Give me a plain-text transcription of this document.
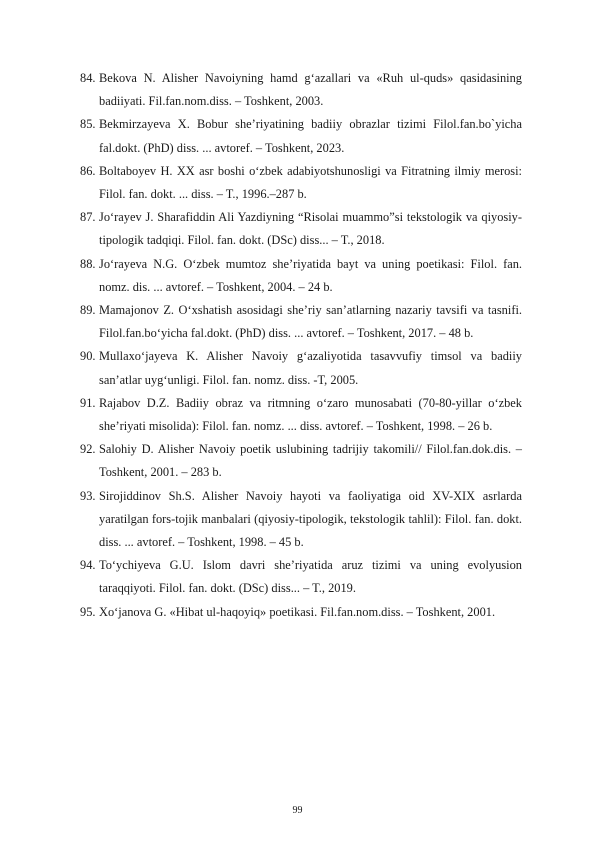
84. Bekova N. Alisher Navoiyning hamd g‘azallari va «Ruh ul-quds» qasidasining badiiyati. Fil.fan.nom.diss. – Toshkent, 2003.
85. Bekmirzayeva X. Bobur she’riyatining badiiy obrazlar tizimi Filol.fan.bo`yicha fal.dokt. (PhD) diss. ... avtoref. – Toshkent, 2023.
86. Boltaboyev H. XX asr boshi o‘zbek adabiyotshunosligi va Fitratning ilmiy merosi: Filol. fan. dokt. ... diss. – T., 1996.–287 b.
87. Jo‘rayev J. Sharafiddin Ali Yazdiyning “Risolai muammo”si tekstologik va qiyosiy-tipologik tadqiqi. Filol. fan. dokt. (DSc) diss... – T., 2018.
88. Jo‘rayeva N.G. O‘zbek mumtoz she’riyatida bayt va uning poetikasi: Filol. fan. nomz. dis. ... avtoref. – Toshkent, 2004. – 24 b.
89. Mamajonov Z. O‘xshatish asosidagi she’riy san’atlarning nazariy tavsifi va tasnifi. Filol.fan.bo‘yicha fal.dokt. (PhD) diss. ... avtoref. – Toshkent, 2017. – 48 b.
90. Mullaxo‘jayeva K. Alisher Navoiy g‘azaliyotida tasavvufiy timsol va badiiy san’atlar uyg‘unligi. Filol. fan. nomz. diss. -T, 2005.
91. Rajabov D.Z. Badiiy obraz va ritmning o‘zaro munosabati (70-80-yillar o‘zbek she’riyati misolida): Filol. fan. nomz. ... diss. avtoref. – Toshkent, 1998. – 26 b.
92. Salohiy D. Alisher Navoiy poetik uslubining tadrijiy takomili// Filol.fan.dok.dis. – Toshkent, 2001. – 283 b.
93. Sirojiddinov Sh.S. Alisher Navoiy hayoti va faoliyatiga oid XV-XIX asrlarda yaratilgan fors-tojik manbalari (qiyosiy-tipologik, tekstologik tahlil): Filol. fan. dokt. diss. ... avtoref. – Toshkent, 1998. – 45 b.
94. To‘ychiyeva G.U. Islom davri she’riyatida aruz tizimi va uning evolyusion taraqqiyoti. Filol. fan. dokt. (DSc) diss... – T., 2019.
95. Xo‘janova G. «Hibat ul-haqoyiq» poetikasi. Fil.fan.nom.diss. – Toshkent, 2001.
99
